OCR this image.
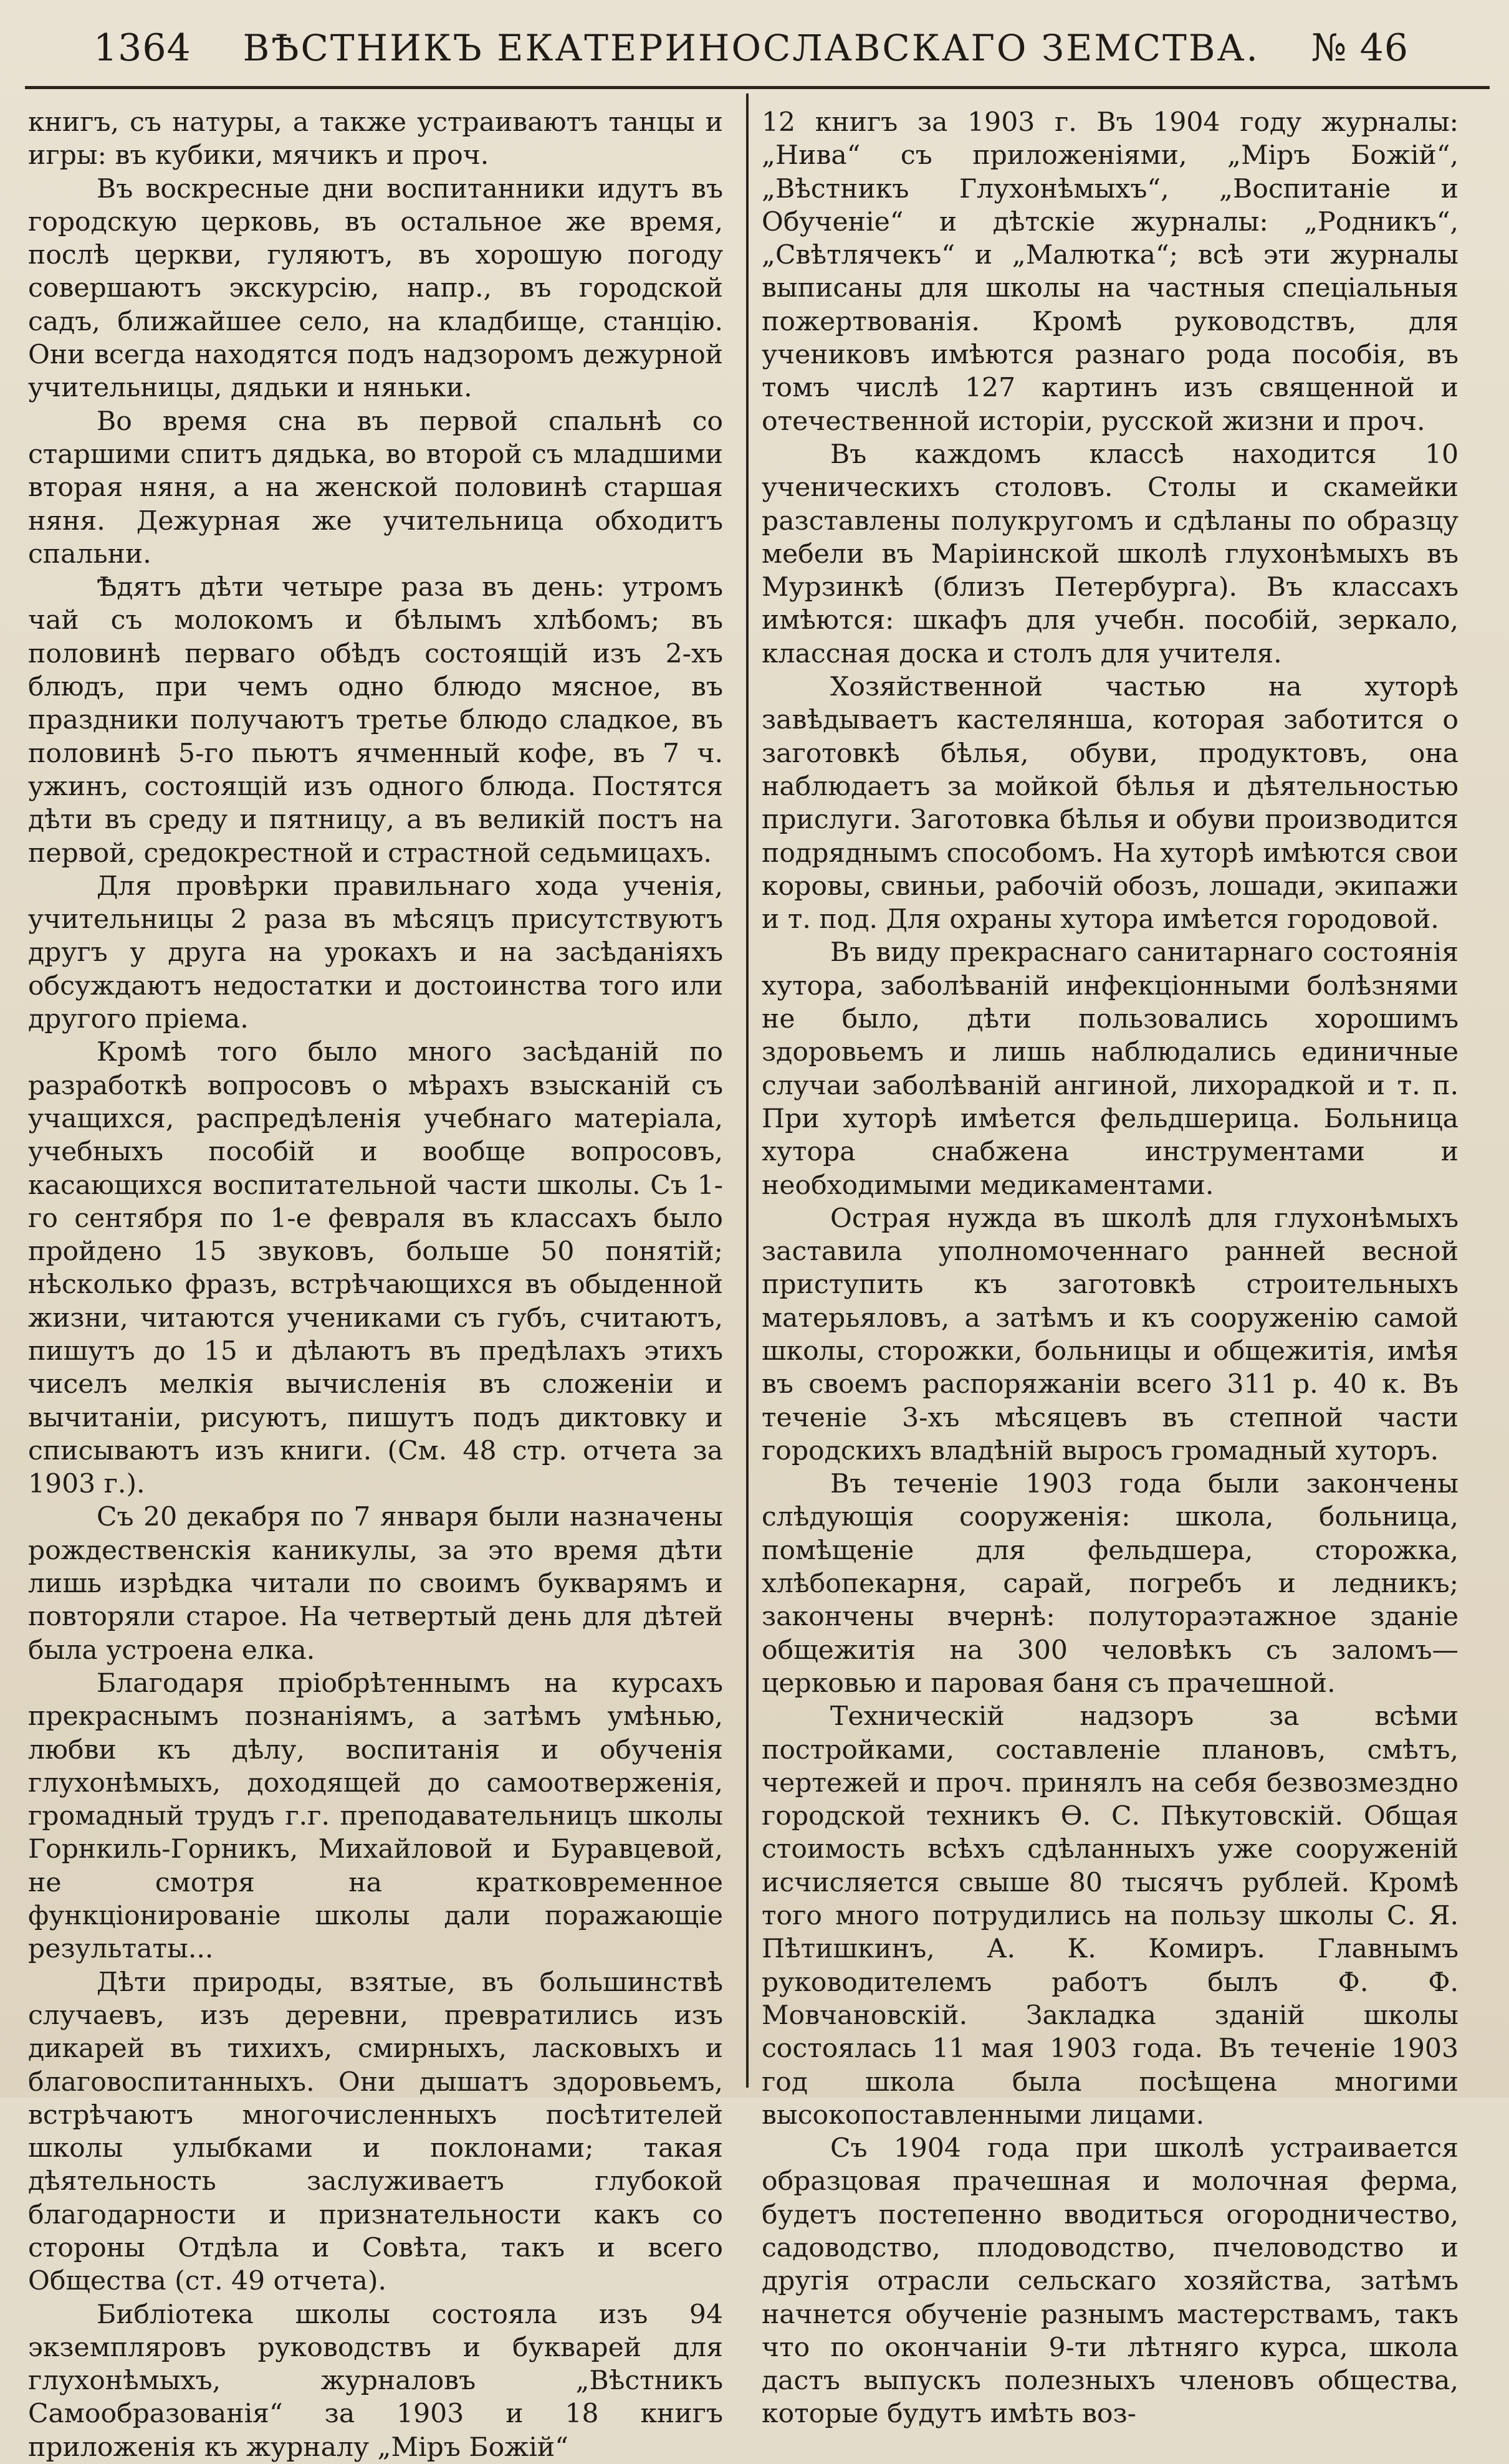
1364 ВѢСТНИКЪ ЕКАТЕРИНОСЛАВСКАГО ЗЕМСТВА. № 46

книгъ, съ натуры, а также устраиваютъ танцы и игры: въ кубики, мячикъ и проч.

Въ воскресные дни воспитанники идутъ въ городскую церковь, въ остальное же время, послѣ церкви, гуляютъ, въ хорошую погоду совершаютъ экскурсію, напр., въ городской садъ, ближайшее село, на кладбище, станцію. Они всегда находятся подъ надзоромъ дежурной учительницы, дядьки и няньки.

Во время сна въ первой спальнѣ со старшими спитъ дядька, во второй съ младшими вторая няня, а на женской половинѣ старшая няня. Дежурная же учительница обходитъ спальни.

Ѣдятъ дѣти четыре раза въ день: утромъ чай съ молокомъ и бѣлымъ хлѣбомъ; въ половинѣ перваго обѣдъ состоящій изъ 2-хъ блюдъ, при чемъ одно блюдо мясное, въ праздники получаютъ третье блюдо сладкое, въ половинѣ 5-го пьютъ ячменный кофе, въ 7 ч. ужинъ, состоящій изъ одного блюда. Постятся дѣти въ среду и пятницу, а въ великій постъ на первой, средокрестной и страстной седьмицахъ.

Для провѣрки правильнаго хода ученія, учительницы 2 раза въ мѣсяцъ присутствуютъ другъ у друга на урокахъ и на засѣданіяхъ обсуждаютъ недостатки и достоинства того или другого пріема.

Кромѣ того было много засѣданій по разработкѣ вопросовъ о мѣрахъ взысканій съ учащихся, распредѣленія учебнаго матеріала, учебныхъ пособій и вообще вопросовъ, касающихся воспитательной части школы. Съ 1-го сентября по 1-е февраля въ классахъ было пройдено 15 звуковъ, больше 50 понятій; нѣсколько фразъ, встрѣчающихся въ обыденной жизни, читаются учениками съ губъ, считаютъ, пишутъ до 15 и дѣлаютъ въ предѣлахъ этихъ чиселъ мелкія вычисленія въ сложеніи и вычитаніи, рисуютъ, пишутъ подъ диктовку и списываютъ изъ книги. (См. 48 стр. отчета за 1903 г.).

Съ 20 декабря по 7 января были назначены рождественскія каникулы, за это время дѣти лишь изрѣдка читали по своимъ букварямъ и повторяли старое. На четвертый день для дѣтей была устроена елка.

Благодаря пріобрѣтеннымъ на курсахъ прекраснымъ познаніямъ, а затѣмъ умѣнью, любви къ дѣлу, воспитанія и обученія глухонѣмыхъ, доходящей до самоотверженія, громадный трудъ г.г. преподавательницъ школы Горнкиль-Горникъ, Михайловой и Буравцевой, не смотря на кратковременное функціонированіе школы дали поражающіе результаты...

Дѣти природы, взятые, въ большинствѣ случаевъ, изъ деревни, превратились изъ дикарей въ тихихъ, смирныхъ, ласковыхъ и благовоспитанныхъ. Они дышатъ здоровьемъ, встрѣчаютъ многочисленныхъ посѣтителей школы улыбками и поклонами; такая дѣятельность заслуживаетъ глубокой благодарности и признательности какъ со стороны Отдѣла и Совѣта, такъ и всего Общества (ст. 49 отчета).

Библіотека школы состояла изъ 94 экземпляровъ руководствъ и букварей для глухонѣмыхъ, журналовъ „Вѣстникъ Самообразованія“ за 1903 и 18 книгъ приложенія къ журналу „Міръ Божій“

12 книгъ за 1903 г. Въ 1904 году журналы: „Нива“ съ приложеніями, „Міръ Божій“, „Вѣстникъ Глухонѣмыхъ“, „Воспитаніе и Обученіе“ и дѣтскіе журналы: „Родникъ“, „Свѣтлячекъ“ и „Малютка“; всѣ эти журналы выписаны для школы на частныя спеціальныя пожертвованія. Кромѣ руководствъ, для учениковъ имѣются разнаго рода пособія, въ томъ числѣ 127 картинъ изъ священной и отечественной исторіи, русской жизни и проч.

Въ каждомъ классѣ находится 10 ученическихъ столовъ. Столы и скамейки разставлены полукругомъ и сдѣланы по образцу мебели въ Маріинской школѣ глухонѣмыхъ въ Мурзинкѣ (близъ Петербурга). Въ классахъ имѣются: шкафъ для учебн. пособій, зеркало, классная доска и столъ для учителя.

Хозяйственной частью на хуторѣ завѣдываетъ кастелянша, которая заботится о заготовкѣ бѣлья, обуви, продуктовъ, она наблюдаетъ за мойкой бѣлья и дѣятельностью прислуги. Заготовка бѣлья и обуви производится подряднымъ способомъ. На хуторѣ имѣются свои коровы, свиньи, рабочій обозъ, лошади, экипажи и т. под. Для охраны хутора имѣется городовой.

Въ виду прекраснаго санитарнаго состоянія хутора, заболѣваній инфекціонными болѣзнями не было, дѣти пользовались хорошимъ здоровьемъ и лишь наблюдались единичные случаи заболѣваній ангиной, лихорадкой и т. п. При хуторѣ имѣется фельдшерица. Больница хутора снабжена инструментами и необходимыми медикаментами.

Острая нужда въ школѣ для глухонѣмыхъ заставила уполномоченнаго ранней весной приступить къ заготовкѣ строительныхъ матерьяловъ, а затѣмъ и къ сооруженію самой школы, сторожки, больницы и общежитія, имѣя въ своемъ распоряжаніи всего 311 р. 40 к. Въ теченіе 3-хъ мѣсяцевъ въ степной части городскихъ владѣній выросъ громадный хуторъ.

Въ теченіе 1903 года были закончены слѣдующія сооруженія: школа, больница, помѣщеніе для фельдшера, сторожка, хлѣбопекарня, сарай, погребъ и ледникъ; закончены вчернѣ: полутораэтажное зданіе общежитія на 300 человѣкъ съ заломъ—церковью и паровая баня съ прачешной.

Техническій надзоръ за всѣми постройками, составленіе плановъ, смѣтъ, чертежей и проч. принялъ на себя безвозмездно городской техникъ Ѳ. С. Пѣкутовскій. Общая стоимость всѣхъ сдѣланныхъ уже сооруженій исчисляется свыше 80 тысячъ рублей. Кромѣ того много потрудились на пользу школы С. Я. Пѣтишкинъ, А. К. Комиръ. Главнымъ руководителемъ работъ былъ Ф. Ф. Мовчановскій. Закладка зданій школы состоялась 11 мая 1903 года. Въ теченіе 1903 год школа была посѣщена многими высокопоставленными лицами.

Съ 1904 года при школѣ устраивается образцовая прачешная и молочная ферма, будетъ постепенно вводиться огородничество, садоводство, плодоводство, пчеловодство и другія отрасли сельскаго хозяйства, затѣмъ начнется обученіе разнымъ мастерствамъ, такъ что по окончаніи 9-ти лѣтняго курса, школа дастъ выпускъ полезныхъ членовъ общества, которые будутъ имѣть воз-
